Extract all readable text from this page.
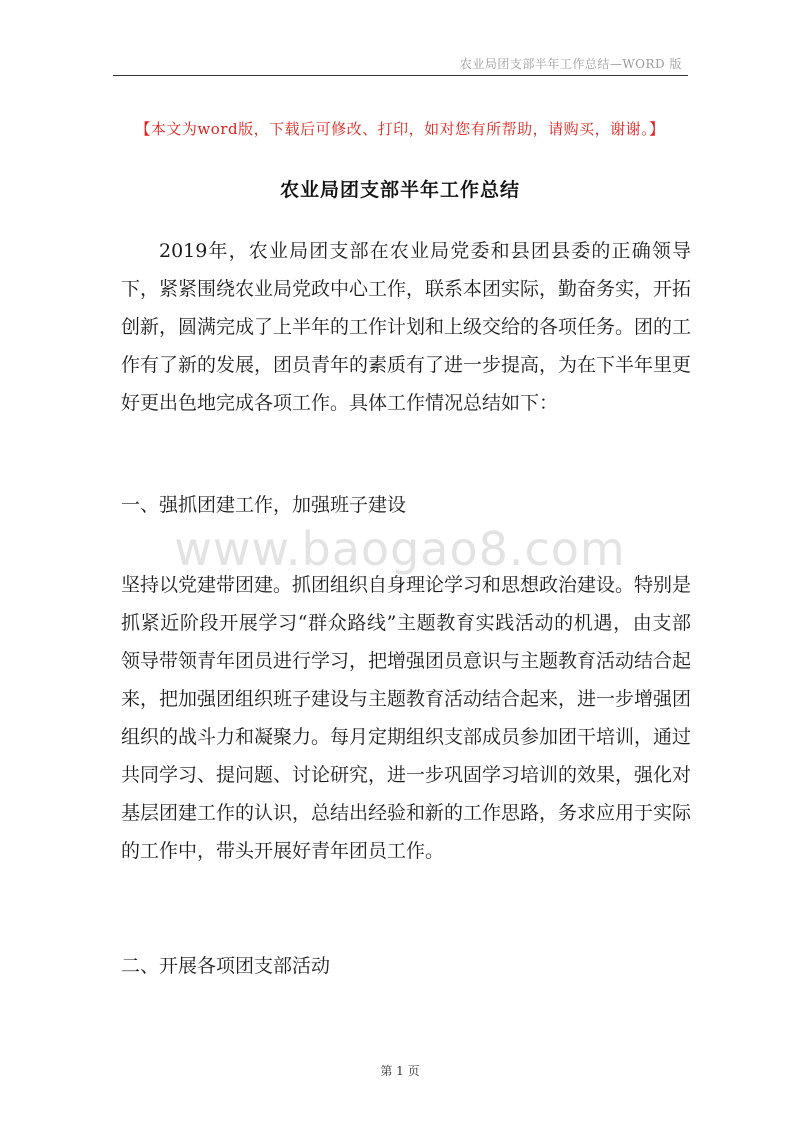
农业局团支部半年工作总结—WORD 版
【本文为word版，下载后可修改、打印，如对您有所帮助，请购买，谢谢。】
农业局团支部半年工作总结

2019年，农业局团支部在农业局党委和县团县委的正确领导下，紧紧围绕农业局党政中心工作，联系本团实际，勤奋务实，开拓创新，圆满完成了上半年的工作计划和上级交给的各项任务。团的工作有了新的发展，团员青年的素质有了进一步提高，为在下半年里更好更出色地完成各项工作。具体工作情况总结如下：

一、强抓团建工作，加强班子建设

www.baogao8.com

坚持以党建带团建。抓团组织自身理论学习和思想政治建设。特别是抓紧近阶段开展学习“群众路线”主题教育实践活动的机遇，由支部领导带领青年团员进行学习，把增强团员意识与主题教育活动结合起来，把加强团组织班子建设与主题教育活动结合起来，进一步增强团组织的战斗力和凝聚力。每月定期组织支部成员参加团干培训，通过共同学习、提问题、讨论研究，进一步巩固学习培训的效果，强化对基层团建工作的认识，总结出经验和新的工作思路，务求应用于实际的工作中，带头开展好青年团员工作。

二、开展各项团支部活动

第 1 页
